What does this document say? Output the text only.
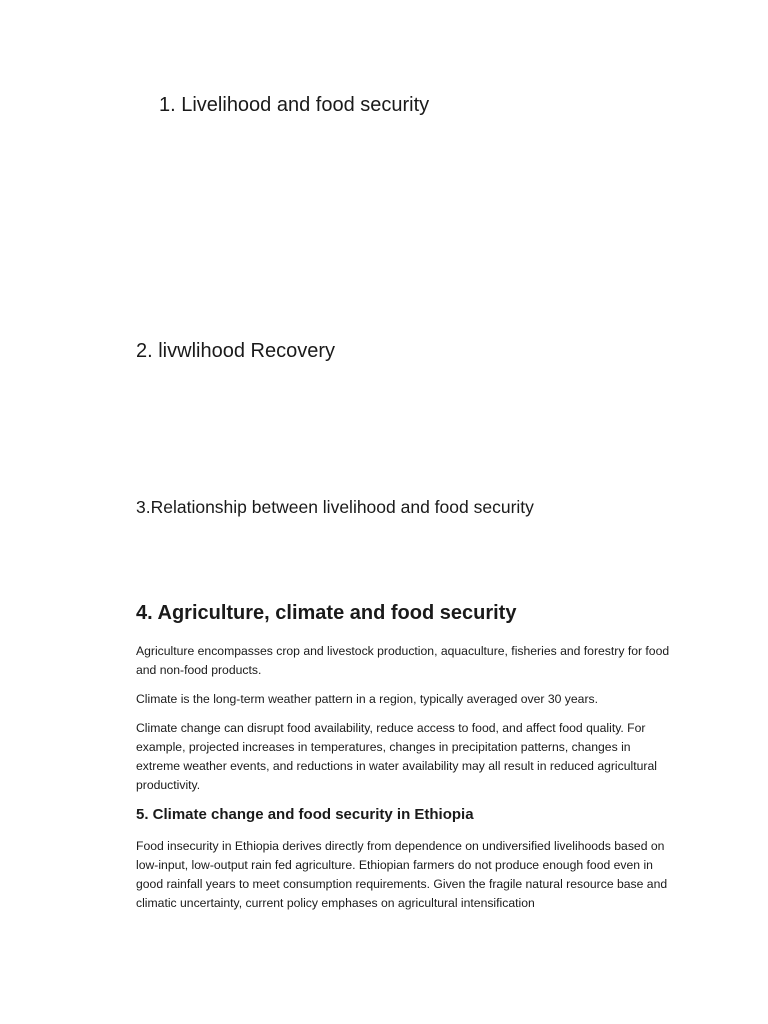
1. Livelihood and food security
2. livwlihood Recovery
3.Relationship between livelihood and food security
4. Agriculture, climate and food security

Agriculture encompasses crop and livestock production, aquaculture, fisheries and forestry for food and non-food products.

Climate is the long-term weather pattern in a region, typically averaged over 30 years.

Climate change can disrupt food availability, reduce access to food, and affect food quality. For example, projected increases in temperatures, changes in precipitation patterns, changes in extreme weather events, and reductions in water availability may all result in reduced agricultural productivity.

5. Climate change and food security in Ethiopia

Food insecurity in Ethiopia derives directly from dependence on undiversified livelihoods based on low-input, low-output rain fed agriculture. Ethiopian farmers do not produce enough food even in good rainfall years to meet consumption requirements. Given the fragile natural resource base and climatic uncertainty, current policy emphases on agricultural intensification
